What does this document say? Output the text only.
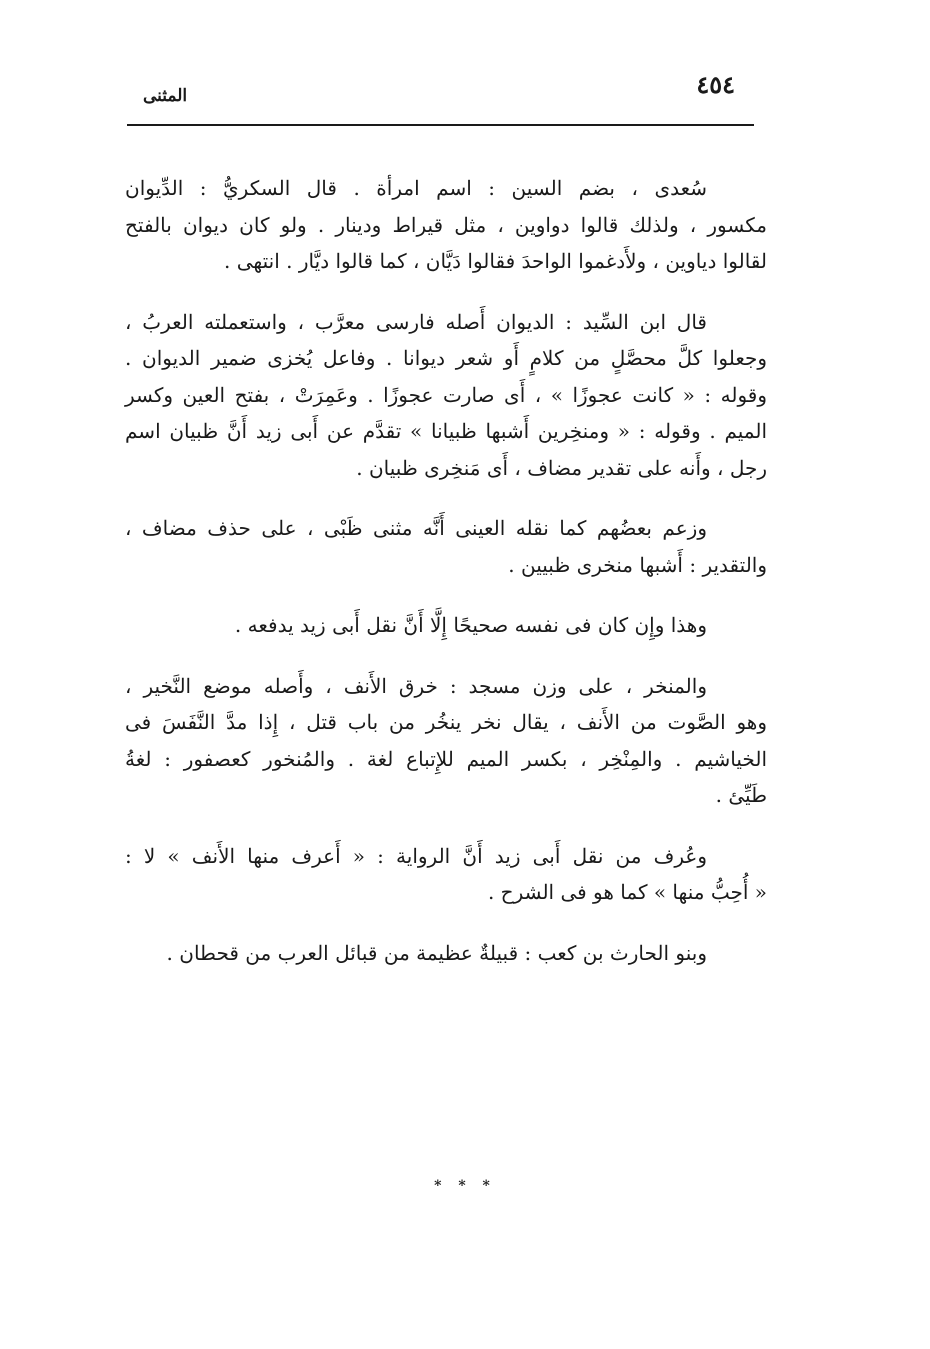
٤٥٤
المثنى

سُعدى ، بضم السين : اسم امرأة . قال السكريُّ : الدِّيوان
مكسور ، ولذلك قالوا دواوين ، مثل قيراط ودينار . ولو كان ديوان بالفتح
لقالوا دياوين ، ولأَدغموا الواحدَ فقالوا دَيَّان ، كما قالوا ديَّار . انتهى .

قال ابن السِّيد : الديوان أَصله فارسى معرَّب ، واستعملته العربُ ،
وجعلوا كلَّ محصَّلٍ من كلامٍ أَو شعر ديوانا . وفاعل يُخزى ضمير الديوان .
وقوله : « كانت عجوزًا » ، أَى صارت عجوزًا . وعَمِرَتْ ، بفتح العين وكسر
الميم . وقوله : « ومنخِرين أَشبها ظبيانا » تقدَّم عن أَبى زيد أَنَّ ظبيان اسم
رجل ، وأَنه على تقدير مضاف ، أَى مَنخِرى ظبيان .

وزعم بعضُهم كما نقله العينى أَنَّه مثنى ظَبْى ، على حذف مضاف ،
والتقدير : أَشبها منخرى ظبيين .

وهذا وإِن كان فى نفسه صحيحًا إِلَّا أَنَّ نقل أَبى زيد يدفعه .

والمنخر ، على وزن مسجد : خرق الأَنف ، وأَصله موضع النَّخير ،
وهو الصَّوت من الأَنف ، يقال نخر ينخُر من باب قتل ، إِذا مدَّ النَّفَسَ فى
الخياشيم . والمِنْخِر ، بكسر الميم للإِتباع لغة . والمُنخور كعصفور : لغةُ
طَيِّئ .

وعُرف من نقل أَبى زيد أَنَّ الرواية : « أَعرف منها الأَنف » لا :
« أُحِبُّ منها » كما هو فى الشرح .

وبنو الحارث بن كعب : قبيلةٌ عظيمة من قبائل العرب من قحطان .

* * *
